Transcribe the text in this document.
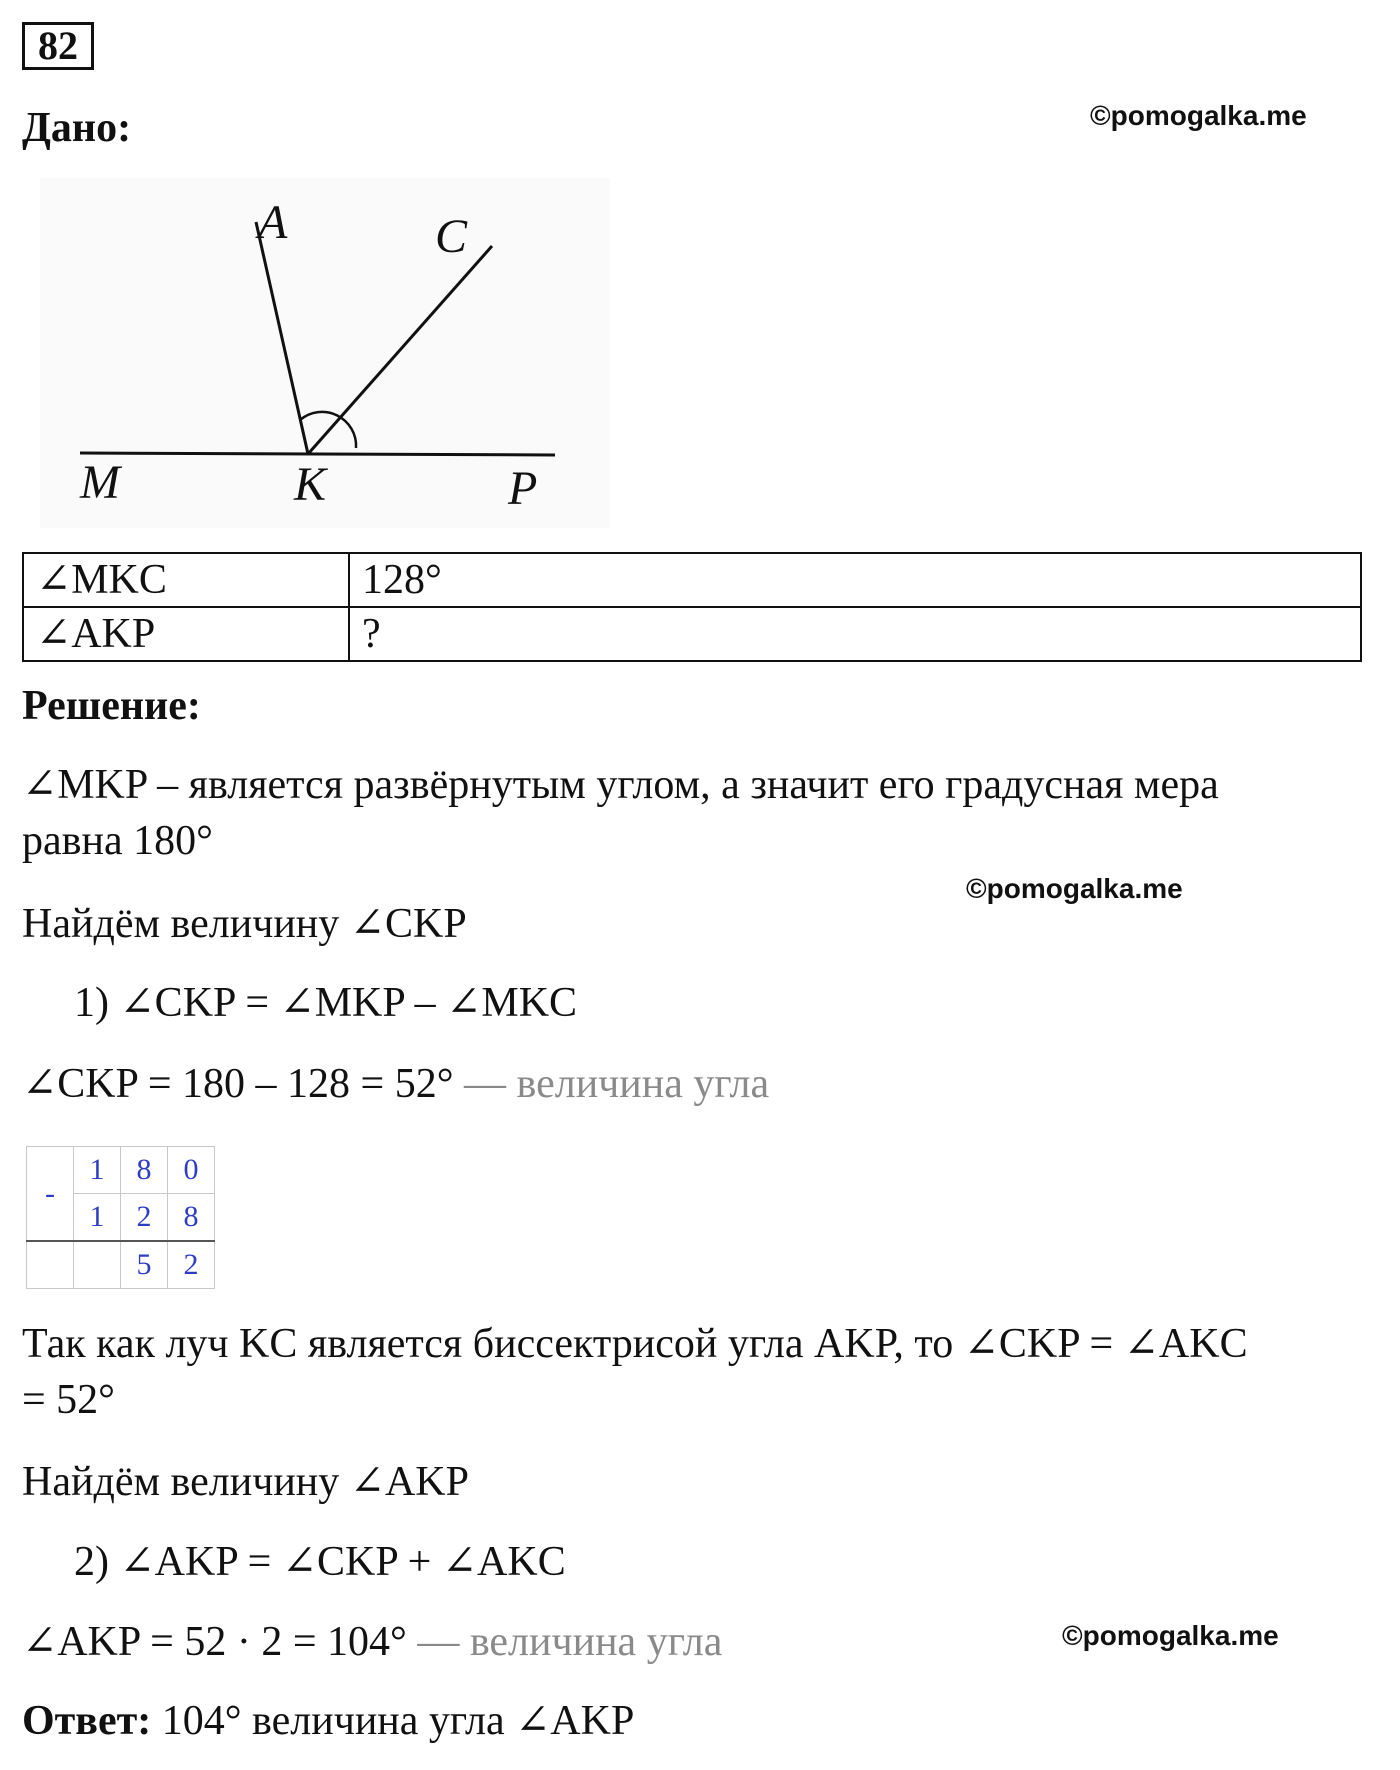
82
Дано:	©pomogalka.me
A	C
M	K	P
∠MKC	128°
∠AKP	?
Решение:
∠MKP – является развёрнутым углом, а значит его градусная мера
равна 180°
©pomogalka.me
Найдём величину ∠CKP
1) ∠CKP = ∠MKP – ∠MKC
∠CKP = 180 – 128 = 52° — величина угла
-	1	8	0
	1	2	8
		5	2
Так как луч KC является биссектрисой угла AKP, то ∠CKP = ∠AKC
= 52°
Найдём величину ∠AKP
2) ∠AKP = ∠CKP + ∠AKC
∠AKP = 52 · 2 = 104° — величина угла	©pomogalka.me
Ответ: 104° величина угла ∠AKP
